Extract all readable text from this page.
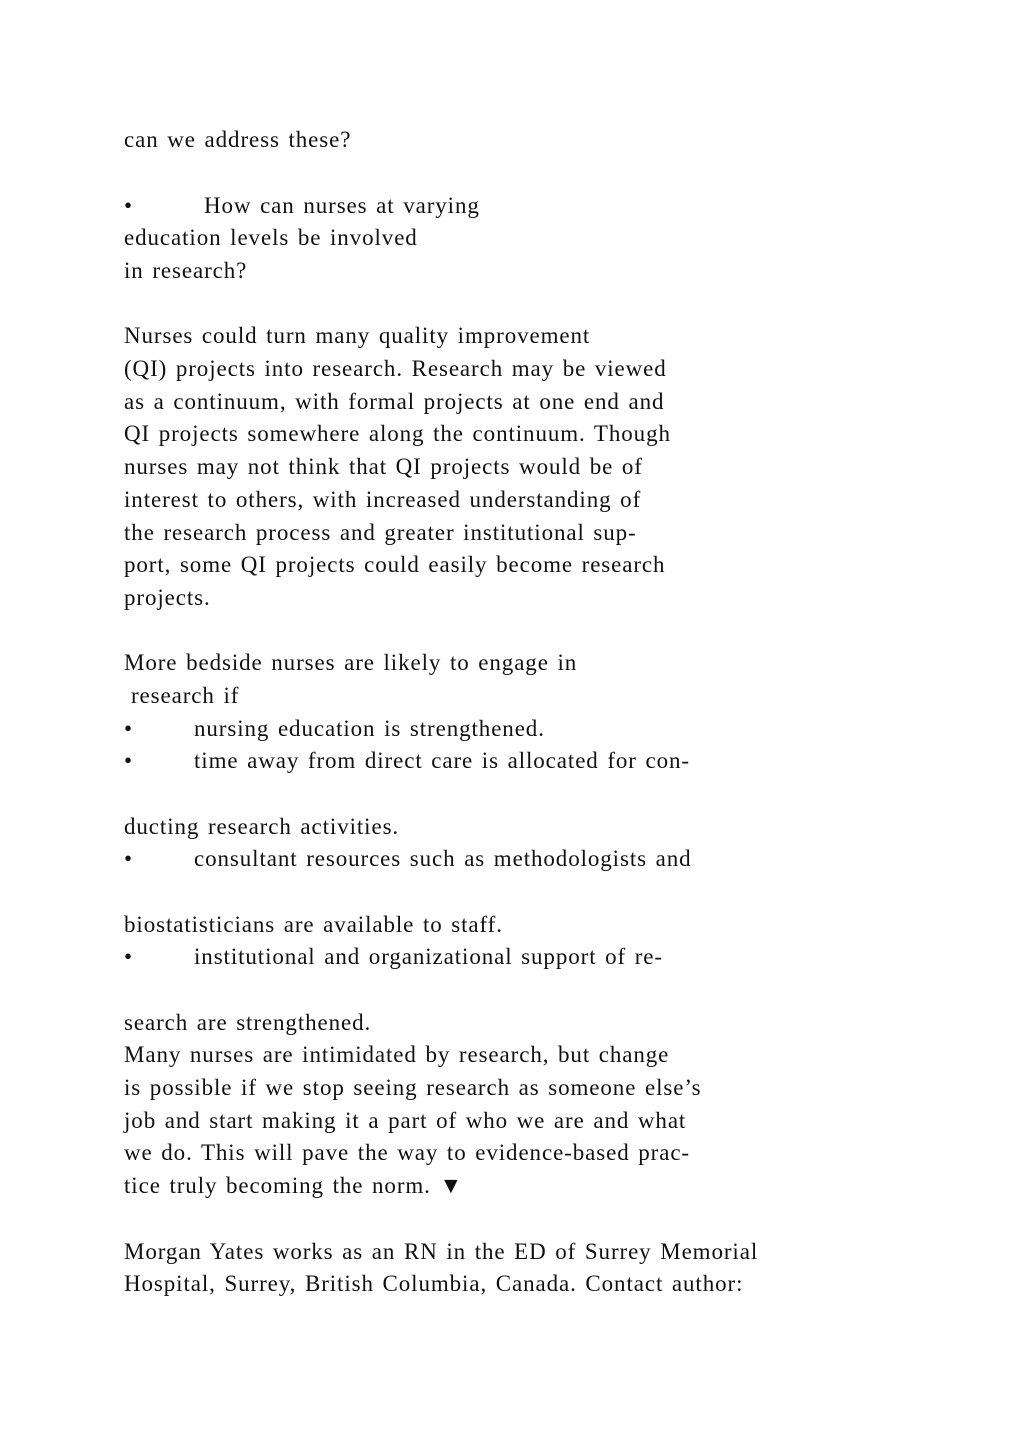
can we address these?
•	How can nurses at varying
education levels be involved
in research?
Nurses could turn many quality improvement
(QI) projects into research. Research may be viewed
as a continuum, with formal projects at one end and
QI projects somewhere along the continuum. Though
nurses may not think that QI projects would be of
interest to others, with increased understanding of
the research process and greater institutional sup-
port, some QI projects could easily become research
projects.
More bedside nurses are likely to engage in
research if
•	nursing education is strengthened.
•	time away from direct care is allocated for con-
ducting research activities.
•	consultant resources such as methodologists and
biostatisticians are available to staff.
•	institutional and organizational support of re-
search are strengthened.
Many nurses are intimidated by research, but change
is possible if we stop seeing research as someone else’s
job and start making it a part of who we are and what
we do. This will pave the way to evidence-based prac-
tice truly becoming the norm. ▼
Morgan Yates works as an RN in the ED of Surrey Memorial
Hospital, Surrey, British Columbia, Canada. Contact author:
